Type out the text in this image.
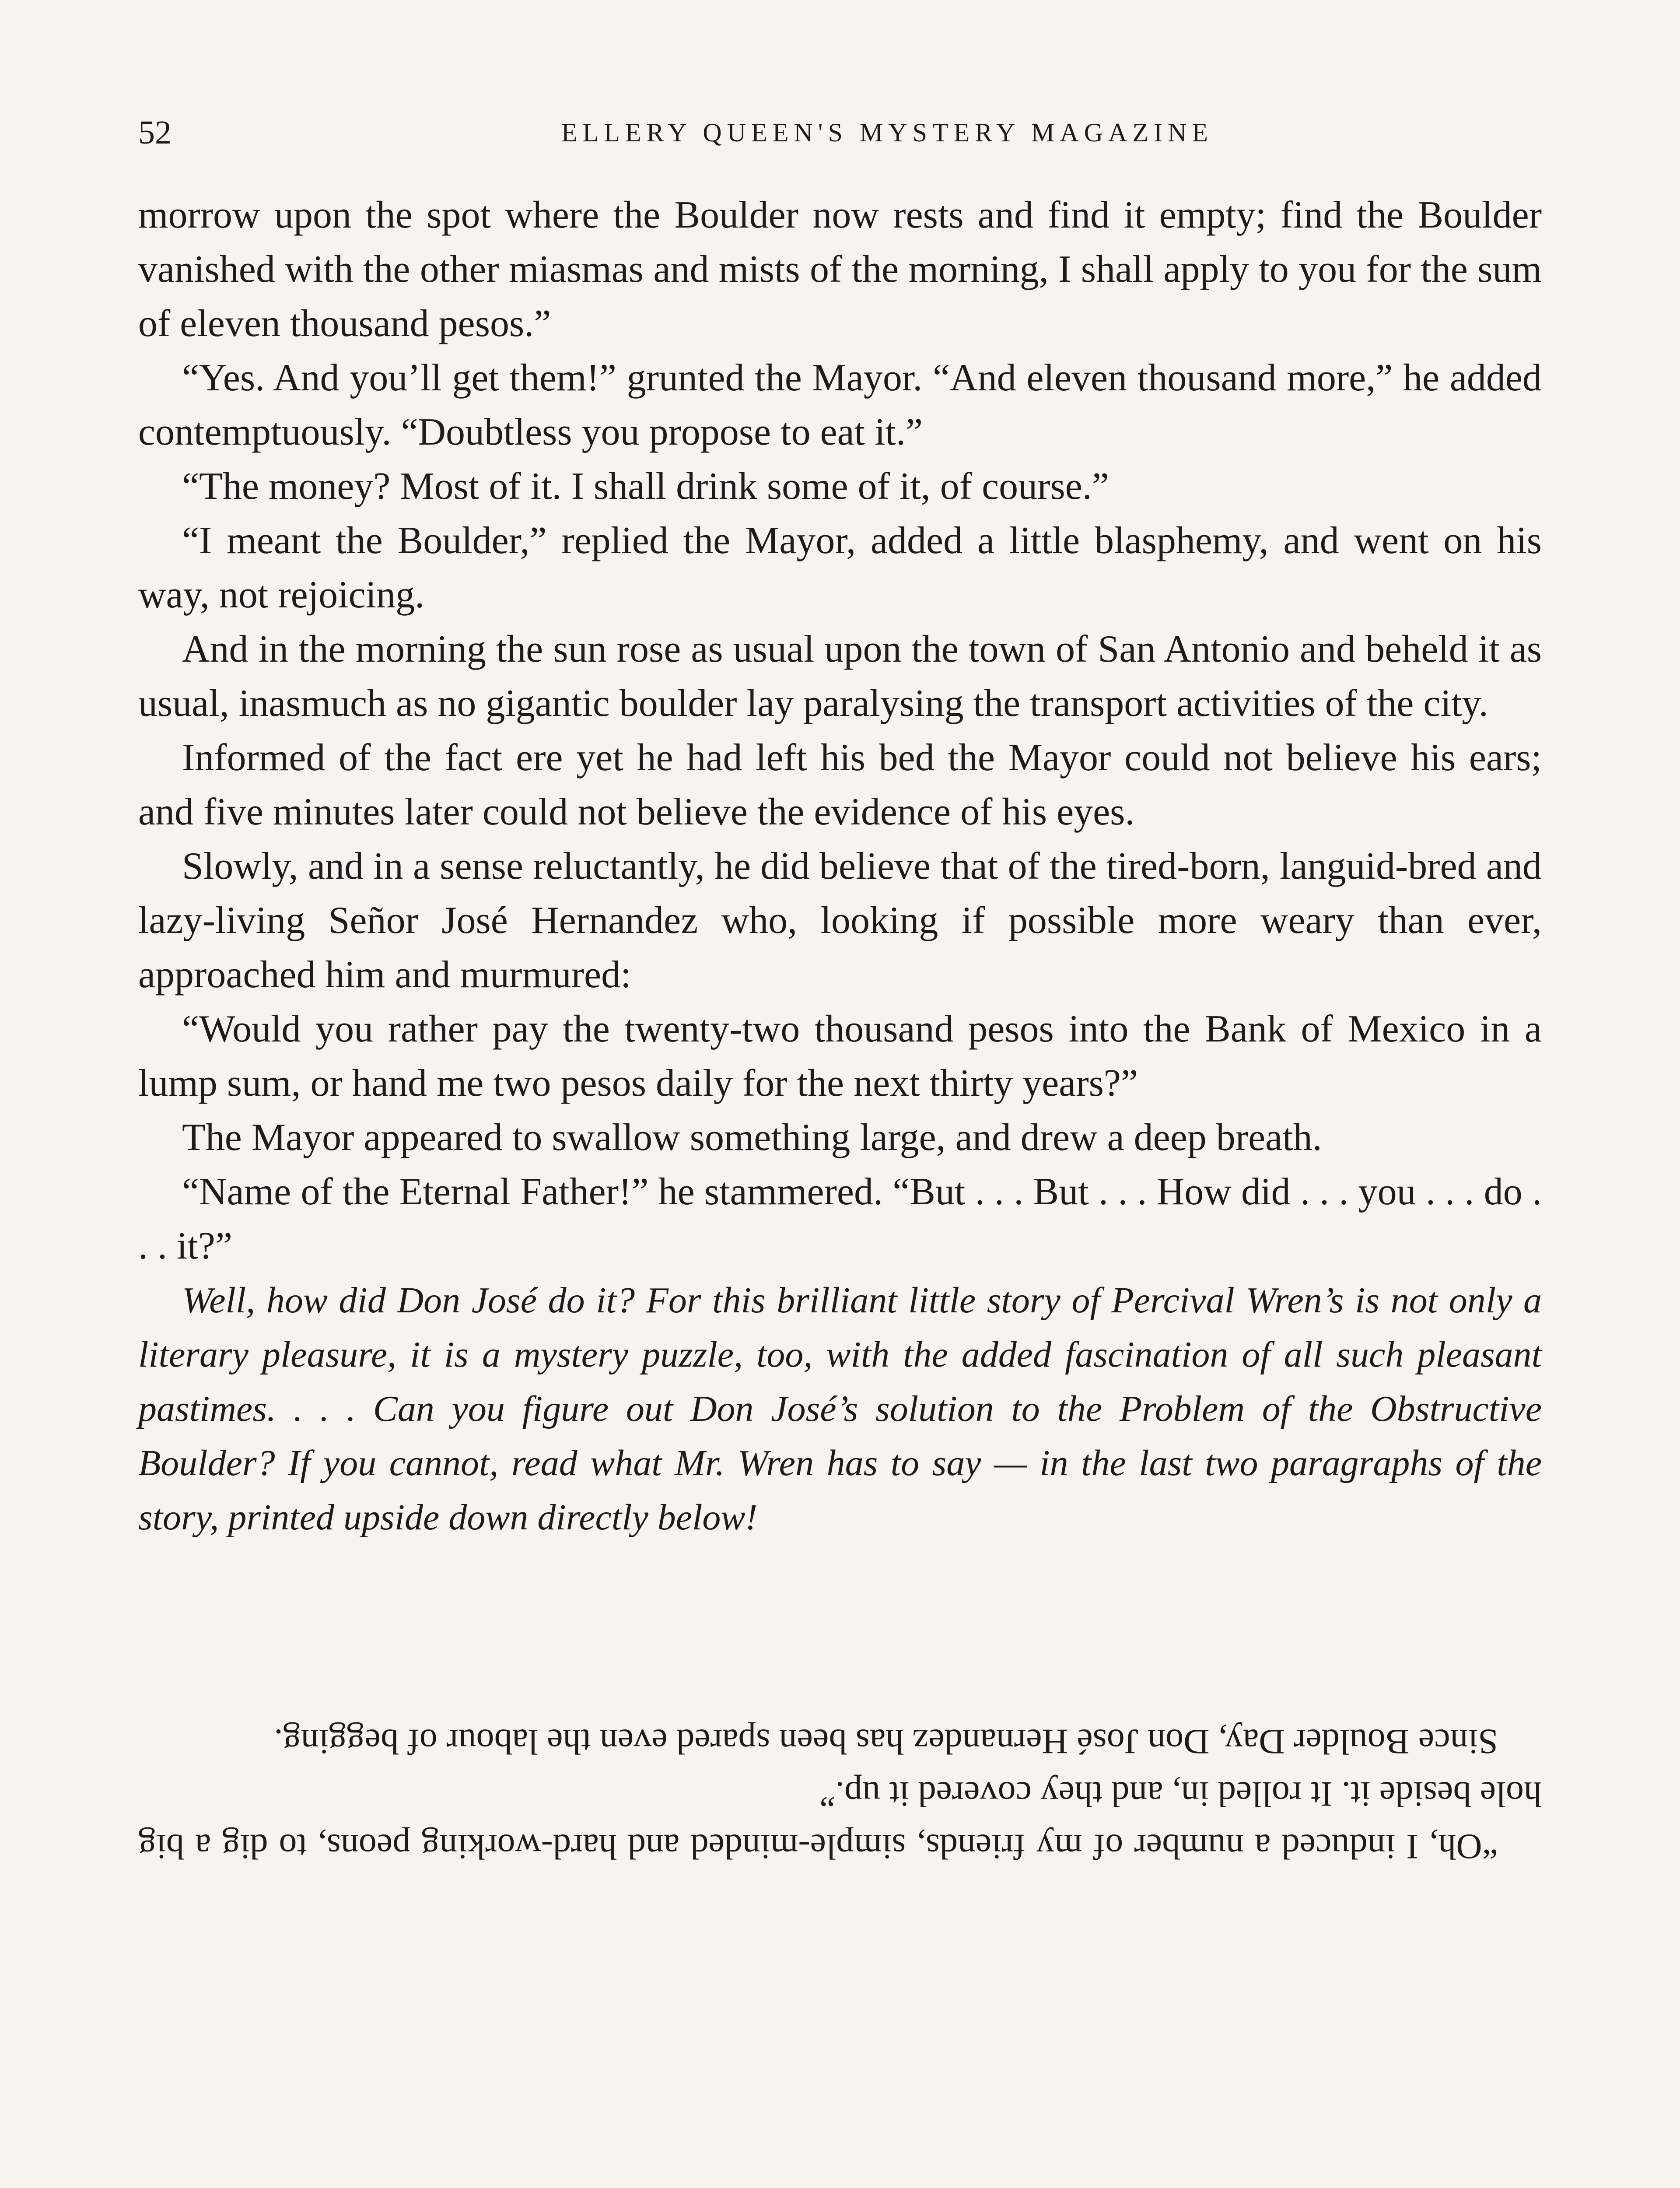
52	ELLERY QUEEN'S MYSTERY MAGAZINE

morrow upon the spot where the Boulder now rests and find it empty; find the Boulder vanished with the other miasmas and mists of the morning, I shall apply to you for the sum of eleven thousand pesos.”

“Yes. And you’ll get them!” grunted the Mayor. “And eleven thousand more,” he added contemptuously. “Doubtless you propose to eat it.”

“The money? Most of it. I shall drink some of it, of course.”

“I meant the Boulder,” replied the Mayor, added a little blasphemy, and went on his way, not rejoicing.

And in the morning the sun rose as usual upon the town of San Antonio and beheld it as usual, inasmuch as no gigantic boulder lay paralysing the transport activities of the city.

Informed of the fact ere yet he had left his bed the Mayor could not believe his ears; and five minutes later could not believe the evidence of his eyes.

Slowly, and in a sense reluctantly, he did believe that of the tired-born, languid-bred and lazy-living Señor José Hernandez who, looking if possible more weary than ever, approached him and murmured:

“Would you rather pay the twenty-two thousand pesos into the Bank of Mexico in a lump sum, or hand me two pesos daily for the next thirty years?”

The Mayor appeared to swallow something large, and drew a deep breath.

“Name of the Eternal Father!” he stammered. “But . . . But . . . How did . . . you . . . do . . . it?”

Well, how did Don José do it? For this brilliant little story of Percival Wren’s is not only a literary pleasure, it is a mystery puzzle, too, with the added fascination of all such pleasant pastimes. . . . Can you figure out Don José’s solution to the Problem of the Obstructive Boulder? If you cannot, read what Mr. Wren has to say — in the last two paragraphs of the story, printed upside down directly below!

“Oh, I induced a number of my friends, simple-minded and hard-working peons, to dig a big hole beside it. It rolled in, and they covered it up.”

Since Boulder Day, Don José Hernandez has been spared even the labour of begging.
